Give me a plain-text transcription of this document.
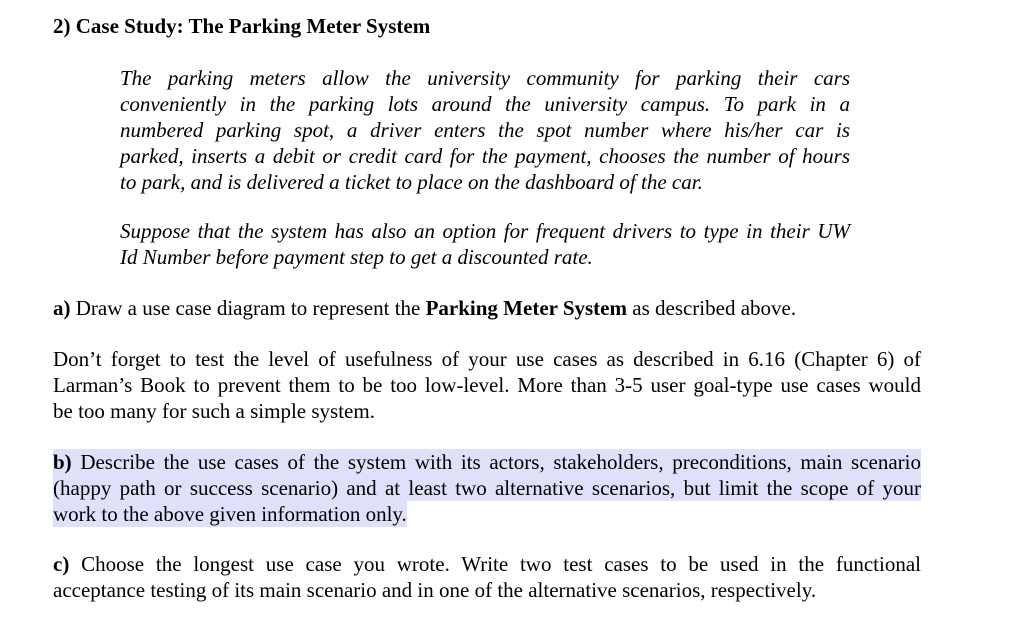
2) Case Study: The Parking Meter System
The parking meters allow the university community for parking their cars
conveniently in the parking lots around the university campus. To park in a
numbered parking spot, a driver enters the spot number where his/her car is
parked, inserts a debit or credit card for the payment, chooses the number of hours
to park, and is delivered a ticket to place on the dashboard of the car.
Suppose that the system has also an option for frequent drivers to type in their UW
Id Number before payment step to get a discounted rate.
a) Draw a use case diagram to represent the Parking Meter System as described above.
Don’t forget to test the level of usefulness of your use cases as described in 6.16 (Chapter 6) of
Larman’s Book to prevent them to be too low-level. More than 3-5 user goal-type use cases would
be too many for such a simple system.
b) Describe the use cases of the system with its actors, stakeholders, preconditions, main scenario
(happy path or success scenario) and at least two alternative scenarios, but limit the scope of your
work to the above given information only.
c) Choose the longest use case you wrote. Write two test cases to be used in the functional
acceptance testing of its main scenario and in one of the alternative scenarios, respectively.
